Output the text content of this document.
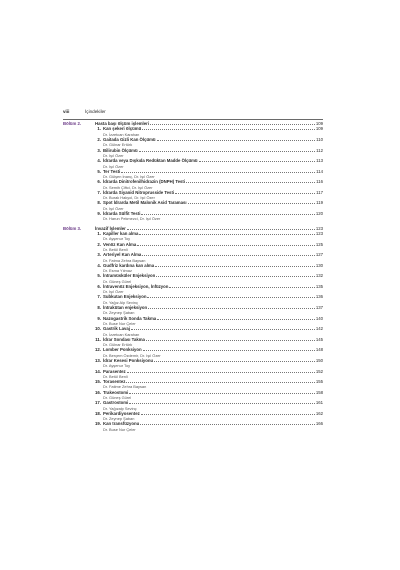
viii	İçindekiler
Bölüm 2.	Hasta başı ölçüm işlemleri	109
1. Kan şekeri ölçümü	109
Dr. İzzetcan Karahan
2. Gaitada Gizli Kan Ölçümü	110
Dr. Gülnar Ertürk
3. Bilirubin Ölçümü	112
Dr. Işıl Özer
4. İdrarda veya Dışkıda Redüktan Madde Ölçümü	113
Dr. Işıl Özer
5. Ter Testi	114
Dr. Gülşen İnanç, Dr. Işıl Özer
6. İdrarda Dinitrofenilhidrazin (DNPH) Testi	116
Dr. Semih Çiftci, Dr. Işıl Özer
7. İdrarda Siyanid Nitroprusside Testi	117
Dr. Burak Hakyol, Dr. Işıl Özer
8. Spot İdrarda Metil Malonik Asid Taraması	119
Dr. Işıl Özer
9. İdrarda Sülfit Testi	120
Dr. Harun Pekmezci, Dr. Işıl Özer
Bölüm 3.	İnvazif İşlemler	123
1. Kapiller kan alma	123
Dr. Ayşenur Toy
2. Venöz Kan Alma	125
Dr. Betül Benli
3. Arteriyel Kan Alma	127
Dr. Fatma Zehra Baysan
4. Gudfriz kardına kan alma	130
Dr. Esma Yılmaz
5. İntramüsküler Enjeksiyon	132
Dr. Güneş Gürel
6. İntravenöz Enjeksiyon, İnfüzyon	135
Dr. Işıl Özer
7. Subkutan Enjeksiyon	136
Dr. Yağız Alp Sevinç
8. İntrakütan enjeksiyon	137
Dr. Zeynep Şaban
9. Nazogastrik Sonda Takma	140
Dr. Buse Nur Çeler
10. Gastrik Lavaj	142
Dr. İzzetcan Karahan
11. İdrar Sondası Takma	145
Dr. Gülnar Ertürk
12. Lomber Ponksiyon	148
Dr. Berçem Özdemir, Dr. Işıl Özer
13. İdrar Kesesi Ponksiyonu	150
Dr. Ayşenur Toy
14. Parasentez	152
Dr. Betül Benli
15. Torasentez	155
Dr. Fatime Zehra Baysan
16. Trakeostomi	158
Dr. Güneş Gürel
17. Gastrostomi	161
Dr. Yağızalp Sevinç
18. Perikardiyosentez	162
Dr. Zeynep Şaban
19. Kan transfüzyonu	166
Dr. Buse Nur Çeler
